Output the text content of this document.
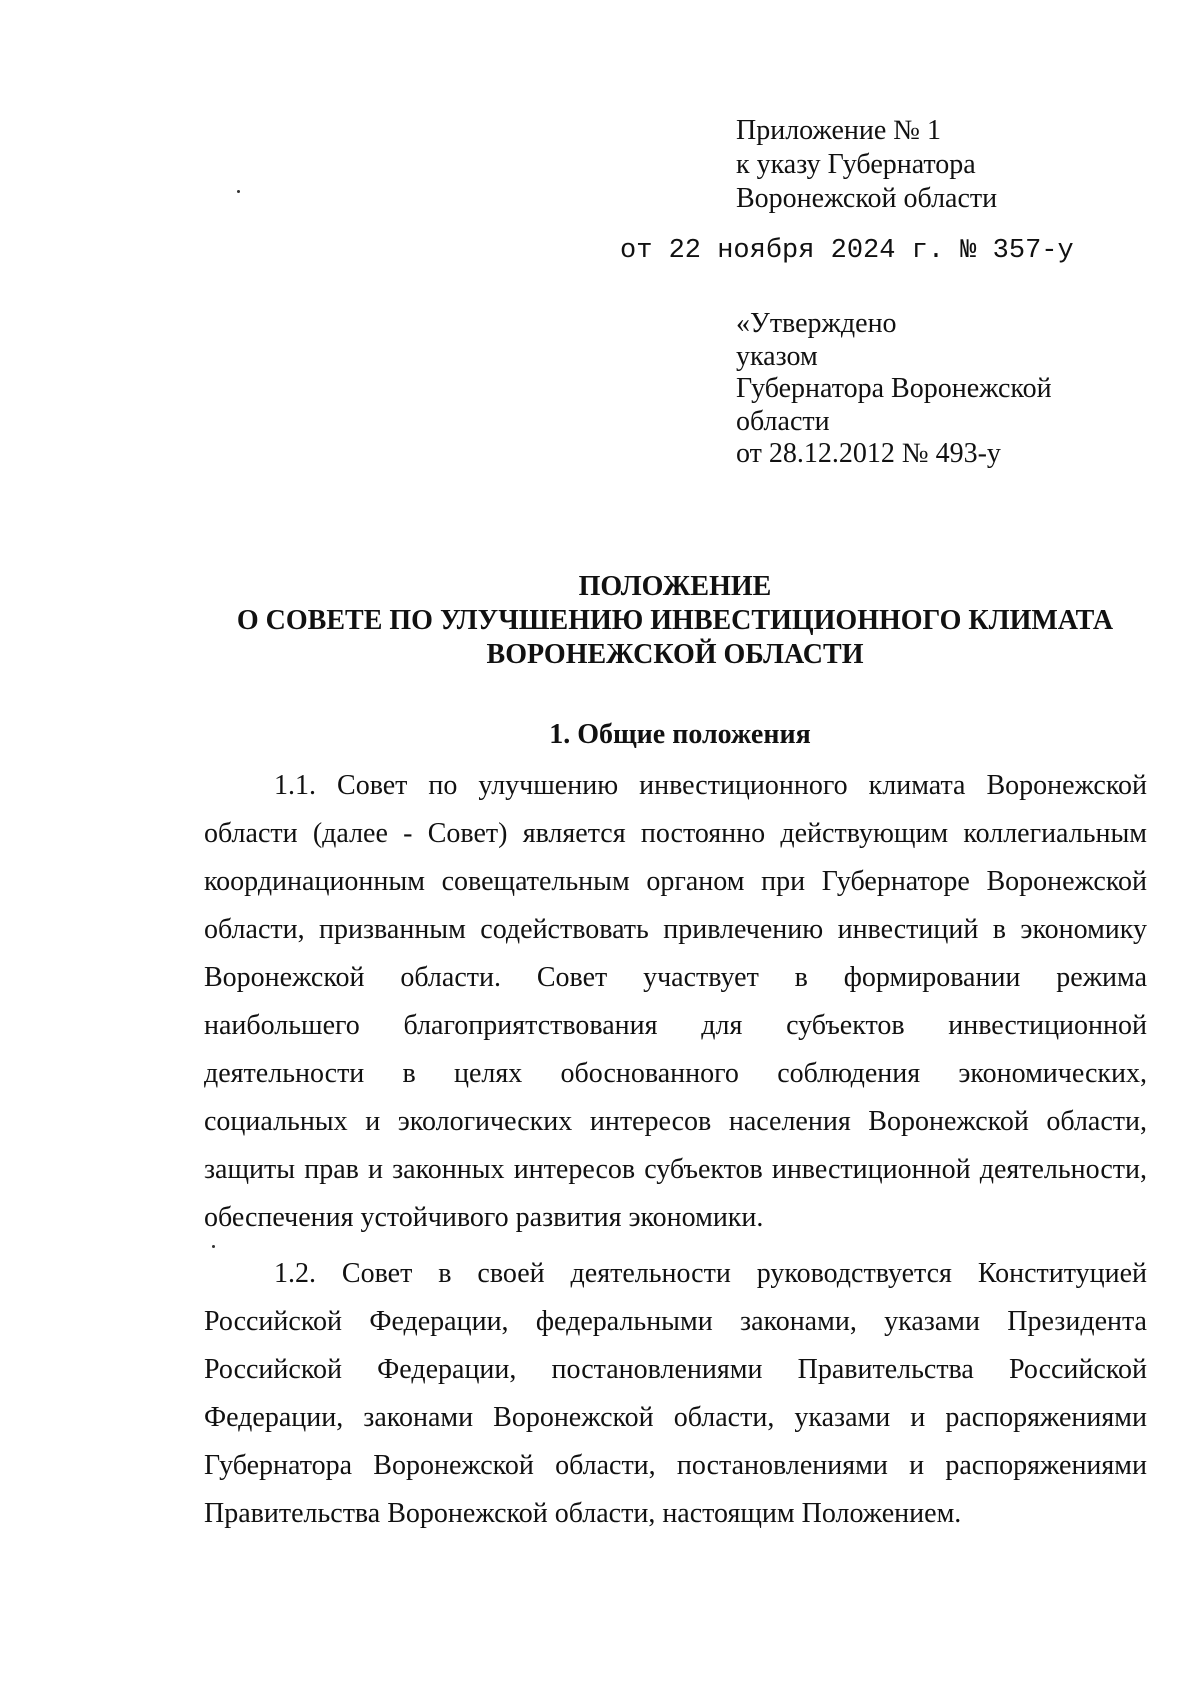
Приложение № 1
к указу Губернатора
Воронежской области
от 22 ноября 2024 г. № 357-у
«Утверждено
указом
Губернатора Воронежской
области
от 28.12.2012 № 493-у
ПОЛОЖЕНИЕ
О СОВЕТЕ ПО УЛУЧШЕНИЮ ИНВЕСТИЦИОННОГО КЛИМАТА
ВОРОНЕЖСКОЙ ОБЛАСТИ
1. Общие положения
1.1. Совет по улучшению инвестиционного климата Воронежской
области (далее - Совет) является постоянно действующим коллегиальным
координационным совещательным органом при Губернаторе Воронежской
области, призванным содействовать привлечению инвестиций в экономику
Воронежской области. Совет участвует в формировании режима
наибольшего благоприятствования для субъектов инвестиционной
деятельности в целях обоснованного соблюдения экономических,
социальных и экологических интересов населения Воронежской области,
защиты прав и законных интересов субъектов инвестиционной деятельности,
обеспечения устойчивого развития экономики.
1.2. Совет в своей деятельности руководствуется Конституцией
Российской Федерации, федеральными законами, указами Президента
Российской Федерации, постановлениями Правительства Российской
Федерации, законами Воронежской области, указами и распоряжениями
Губернатора Воронежской области, постановлениями и распоряжениями
Правительства Воронежской области, настоящим Положением.
